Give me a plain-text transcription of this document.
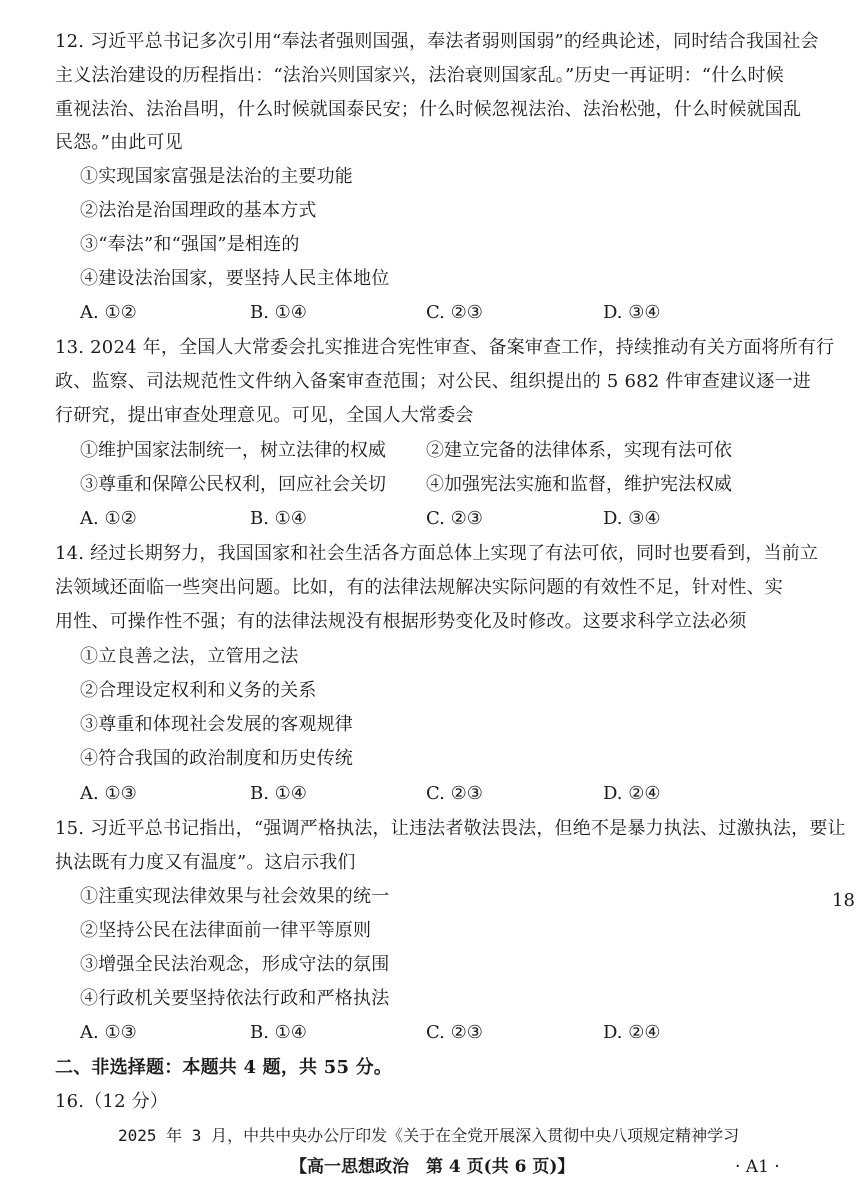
12. 习近平总书记多次引用“奉法者强则国强，奉法者弱则国弱”的经典论述，同时结合我国社会
主义法治建设的历程指出：“法治兴则国家兴，法治衰则国家乱。”历史一再证明：“什么时候
重视法治、法治昌明，什么时候就国泰民安；什么时候忽视法治、法治松弛，什么时候就国乱
民怨。”由此可见
①实现国家富强是法治的主要功能
②法治是治国理政的基本方式
③“奉法”和“强国”是相连的
④建设法治国家，要坚持人民主体地位
A. ①②	B. ①④	C. ②③	D. ③④
13. 2024 年，全国人大常委会扎实推进合宪性审查、备案审查工作，持续推动有关方面将所有行
政、监察、司法规范性文件纳入备案审查范围；对公民、组织提出的 5 682 件审查建议逐一进
行研究，提出审查处理意见。可见，全国人大常委会
①维护国家法制统一，树立法律的权威 ②建立完备的法律体系，实现有法可依
③尊重和保障公民权利，回应社会关切 ④加强宪法实施和监督，维护宪法权威
A. ①②	B. ①④	C. ②③	D. ③④
14. 经过长期努力，我国国家和社会生活各方面总体上实现了有法可依，同时也要看到，当前立
法领域还面临一些突出问题。比如，有的法律法规解决实际问题的有效性不足，针对性、实
用性、可操作性不强；有的法律法规没有根据形势变化及时修改。这要求科学立法必须
①立良善之法，立管用之法
②合理设定权利和义务的关系
③尊重和体现社会发展的客观规律
④符合我国的政治制度和历史传统
A. ①③	B. ①④	C. ②③	D. ②④
15. 习近平总书记指出，“强调严格执法，让违法者敬法畏法，但绝不是暴力执法、过激执法，要让
执法既有力度又有温度”。这启示我们
①注重实现法律效果与社会效果的统一
②坚持公民在法律面前一律平等原则
③增强全民法治观念，形成守法的氛围
④行政机关要坚持依法行政和严格执法
A. ①③	B. ①④	C. ②③	D. ②④
二、非选择题：本题共 4 题，共 55 分。
16.（12 分）
2025 年 3 月，中共中央办公厅印发《关于在全党开展深入贯彻中央八项规定精神学习
18
【高一思想政治　第 4 页(共 6 页)】	· A1 ·
